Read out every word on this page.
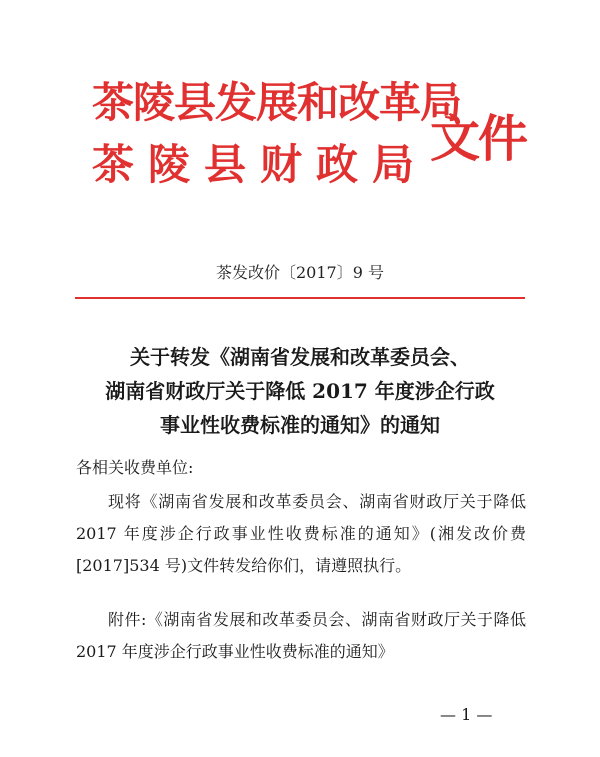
茶陵县发展和改革局
茶陵县财政局 文件
茶发改价〔2017〕9 号
关于转发《湖南省发展和改革委员会、
湖南省财政厅关于降低 2017 年度涉企行政
事业性收费标准的通知》的通知
各相关收费单位:
现将《湖南省发展和改革委员会、湖南省财政厅关于降低
2017 年度涉企行政事业性收费标准的通知》(湘发改价费
[2017]534 号)文件转发给你们，请遵照执行。
附件:《湖南省发展和改革委员会、湖南省财政厅关于降低
2017 年度涉企行政事业性收费标准的通知》
— 1 —
